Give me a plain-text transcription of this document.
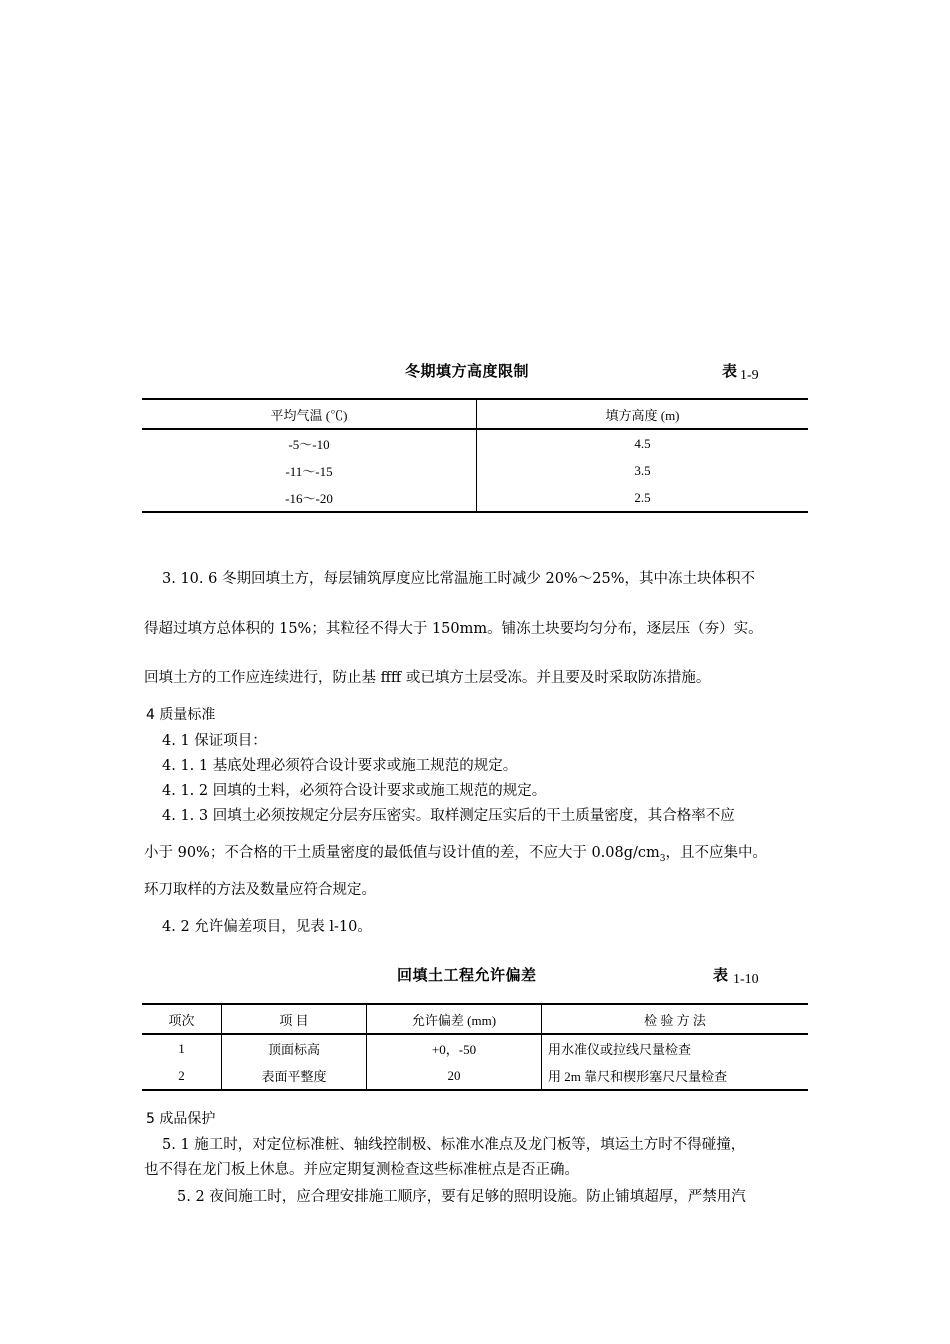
冬期填方高度限制	表 1-9
平均气温 (℃)	填方高度 (m)
-5～-10	4.5
-11～-15	3.5
-16～-20	2.5
3. 10. 6 冬期回填土方，每层铺筑厚度应比常温施工时减少 20%～25%，其中冻土块体积不
得超过填方总体积的 15%；其粒径不得大于 150mm。铺冻土块要均匀分布，逐层压（夯）实。
回填土方的工作应连续进行，防止基 ffff 或已填方土层受冻。并且要及时采取防冻措施。
4 质量标准
4. 1 保证项目：
4. 1. 1 基底处理必须符合设计要求或施工规范的规定。
4. 1. 2 回填的土料，必须符合设计要求或施工规范的规定。
4. 1. 3 回填土必须按规定分层夯压密实。取样测定压实后的干土质量密度，其合格率不应
小于 90%；不合格的干土质量密度的最低值与设计值的差，不应大于 $0.08g/cm_3$，且不应集中。
环刀取样的方法及数量应符合规定。
4. 2 允许偏差项目，见表 l-10。
回填土工程允许偏差	表 1-10
项次	项 目	允许偏差 (mm)	检 验 方 法
1	顶面标高	+0，-50	用水准仪或拉线尺量检查
2	表面平整度	20	用 2m 靠尺和楔形塞尺尺量检查
5 成品保护
5. 1 施工时，对定位标准桩、轴线控制极、标准水准点及龙门板等，填运土方时不得碰撞，
也不得在龙门板上休息。并应定期复测检查这些标准桩点是否正确。
5. 2 夜间施工时，应合理安排施工顺序，要有足够的照明设施。防止铺填超厚，严禁用汽
